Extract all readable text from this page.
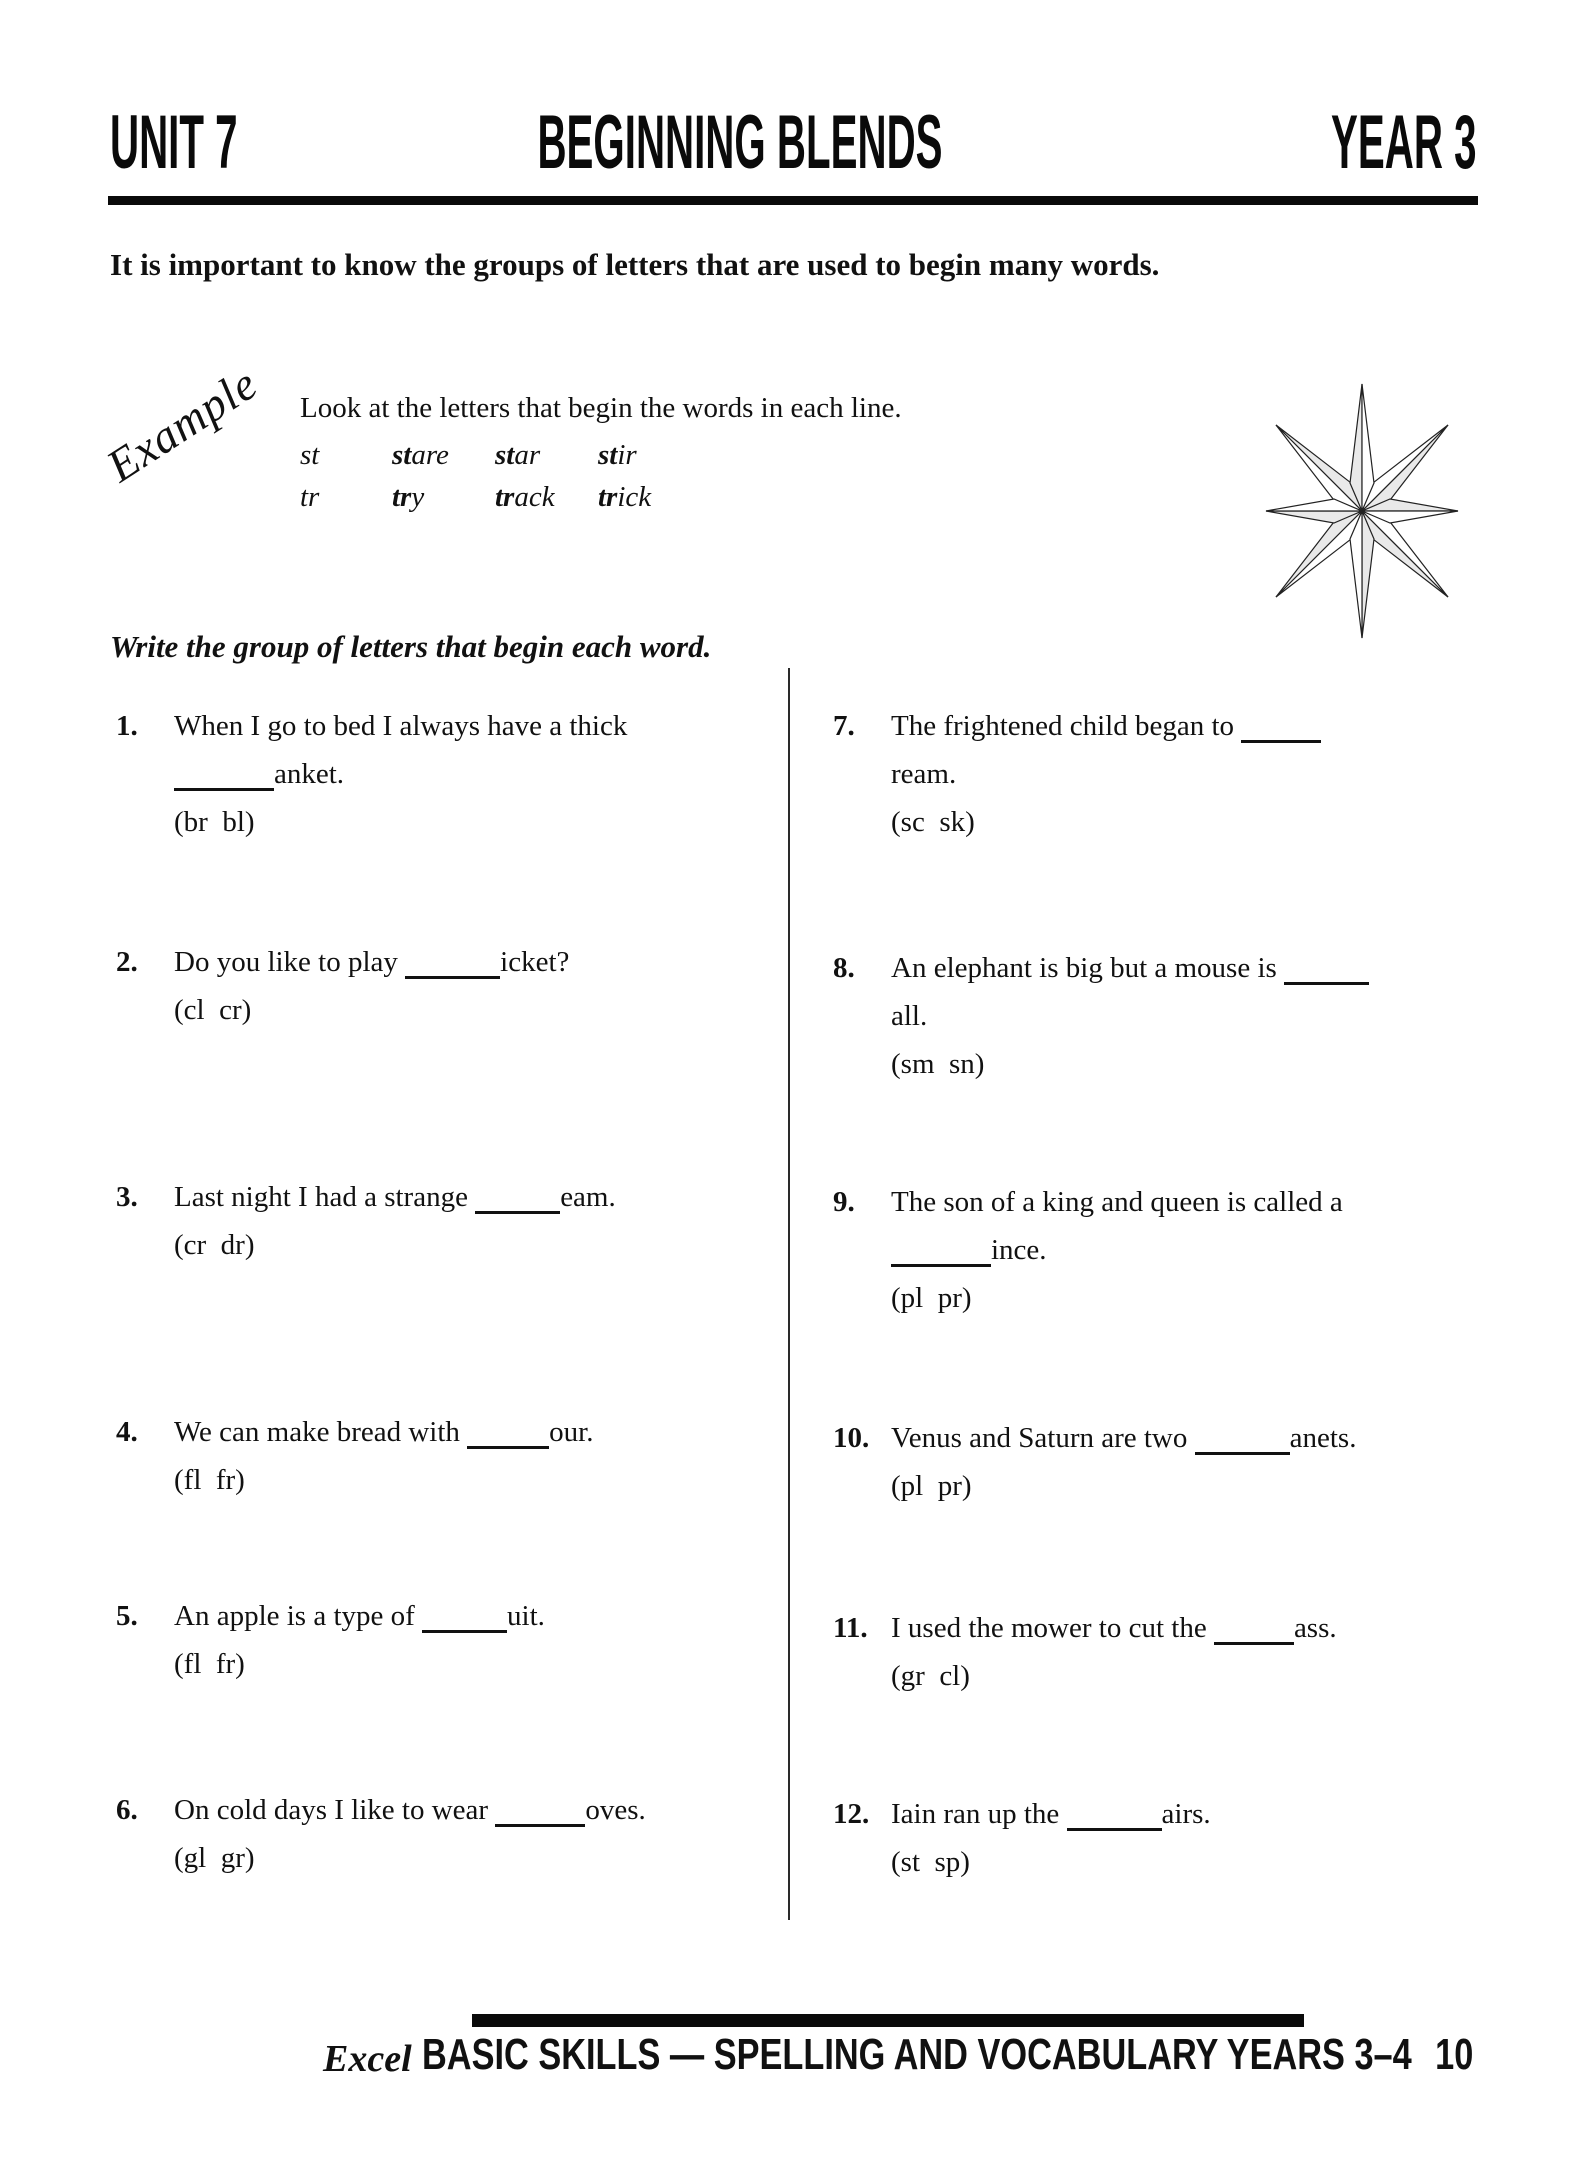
UNIT 7	BEGINNING BLENDS	YEAR 3

It is important to know the groups of letters that are used to begin many words.

Example Look at the letters that begin the words in each line.

st	stare star stir
tr	try track trick

Write the group of letters that begin each word.

1. When I go to bed I always have a thick
anket.
(br  bl)
2. Do you like to play	icket?
(cl  cr)
3. Last night I had a strange	eam.
(cr  dr)
4. We can make bread with	our.
(fl  fr)
5. An apple is a type of	uit.
(fl  fr)
6. On cold days I like to wear	oves.
(gl  gr)
7. The frightened child began to
ream.
(sc  sk)
8. An elephant is big but a mouse is
all.
(sm  sn)
9. The son of a king and queen is called a
ince.
(pl  pr)
10. Venus and Saturn are two	anets.
(pl  pr)
11. I used the mower to cut the	ass.
(gr  cl)
12. Iain ran up the	airs.
(st  sp)
Excel BASIC SKILLS — SPELLING AND VOCABULARY YEARS 3–4 10
